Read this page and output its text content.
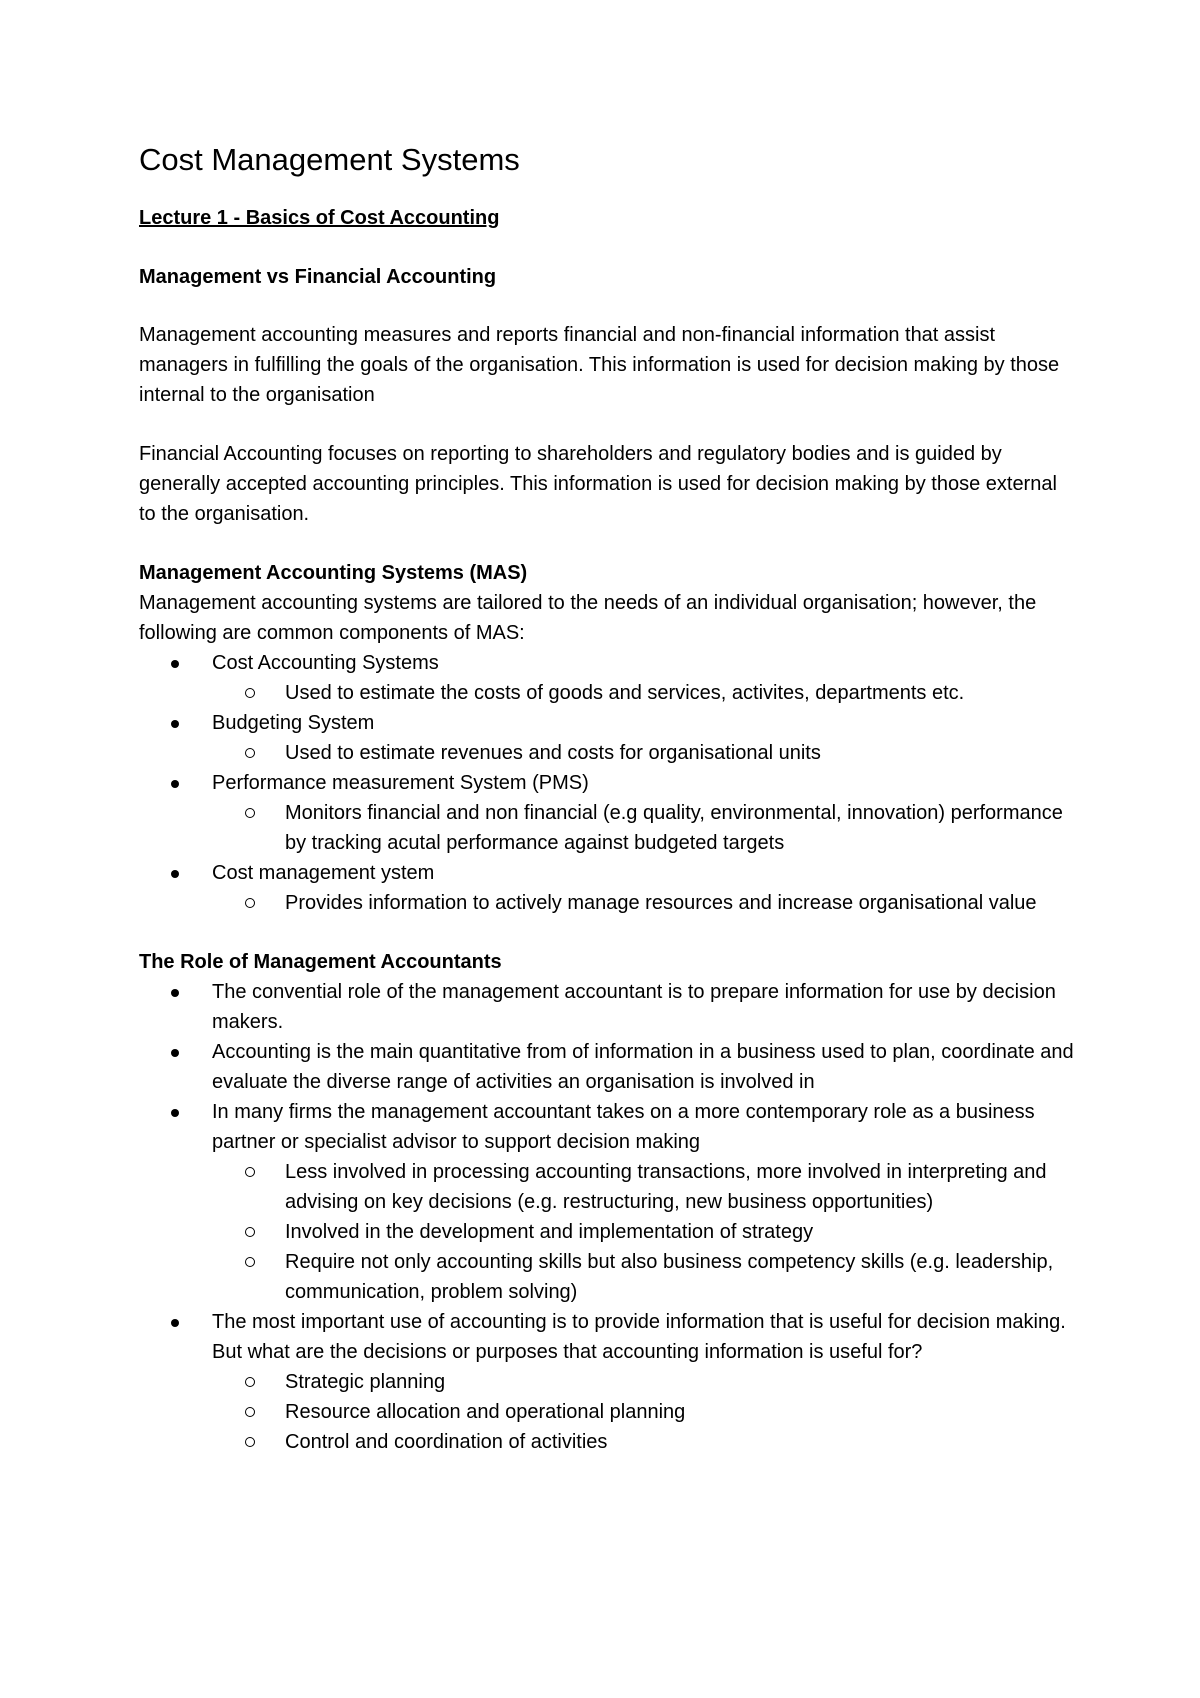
Cost Management Systems
Lecture 1 - Basics of Cost Accounting
Management vs Financial Accounting
Management accounting measures and reports financial and non-financial information that assist managers in fulfilling the goals of the organisation. This information is used for decision making by those internal to the organisation
Financial Accounting focuses on reporting to shareholders and regulatory bodies and is guided by generally accepted accounting principles. This information is used for decision making by those external to the organisation.
Management Accounting Systems (MAS)
Management accounting systems are tailored to the needs of an individual organisation; however, the following are common components of MAS:
Cost Accounting Systems
Used to estimate the costs of goods and services, activites, departments etc.
Budgeting System
Used to estimate revenues and costs for organisational units
Performance measurement System (PMS)
Monitors financial and non financial (e.g quality, environmental, innovation) performance by tracking acutal performance against budgeted targets
Cost management ystem
Provides information to actively manage resources and increase organisational value
The Role of Management Accountants
The convential role of the management accountant is to prepare information for use by decision makers.
Accounting is the main quantitative from of information in a business used to plan, coordinate and evaluate the diverse range of activities an organisation is involved in
In many firms the management accountant takes on a more contemporary role as a business partner or specialist advisor to support decision making
Less involved in processing accounting transactions, more involved in interpreting and advising on key decisions (e.g. restructuring, new business opportunities)
Involved in the development and implementation of strategy
Require not only accounting skills but also business competency skills (e.g. leadership, communication, problem solving)
The most important use of accounting is to provide information that is useful for decision making. But what are the decisions or purposes that accounting information is useful for?
Strategic planning
Resource allocation and operational planning
Control and coordination of activities
